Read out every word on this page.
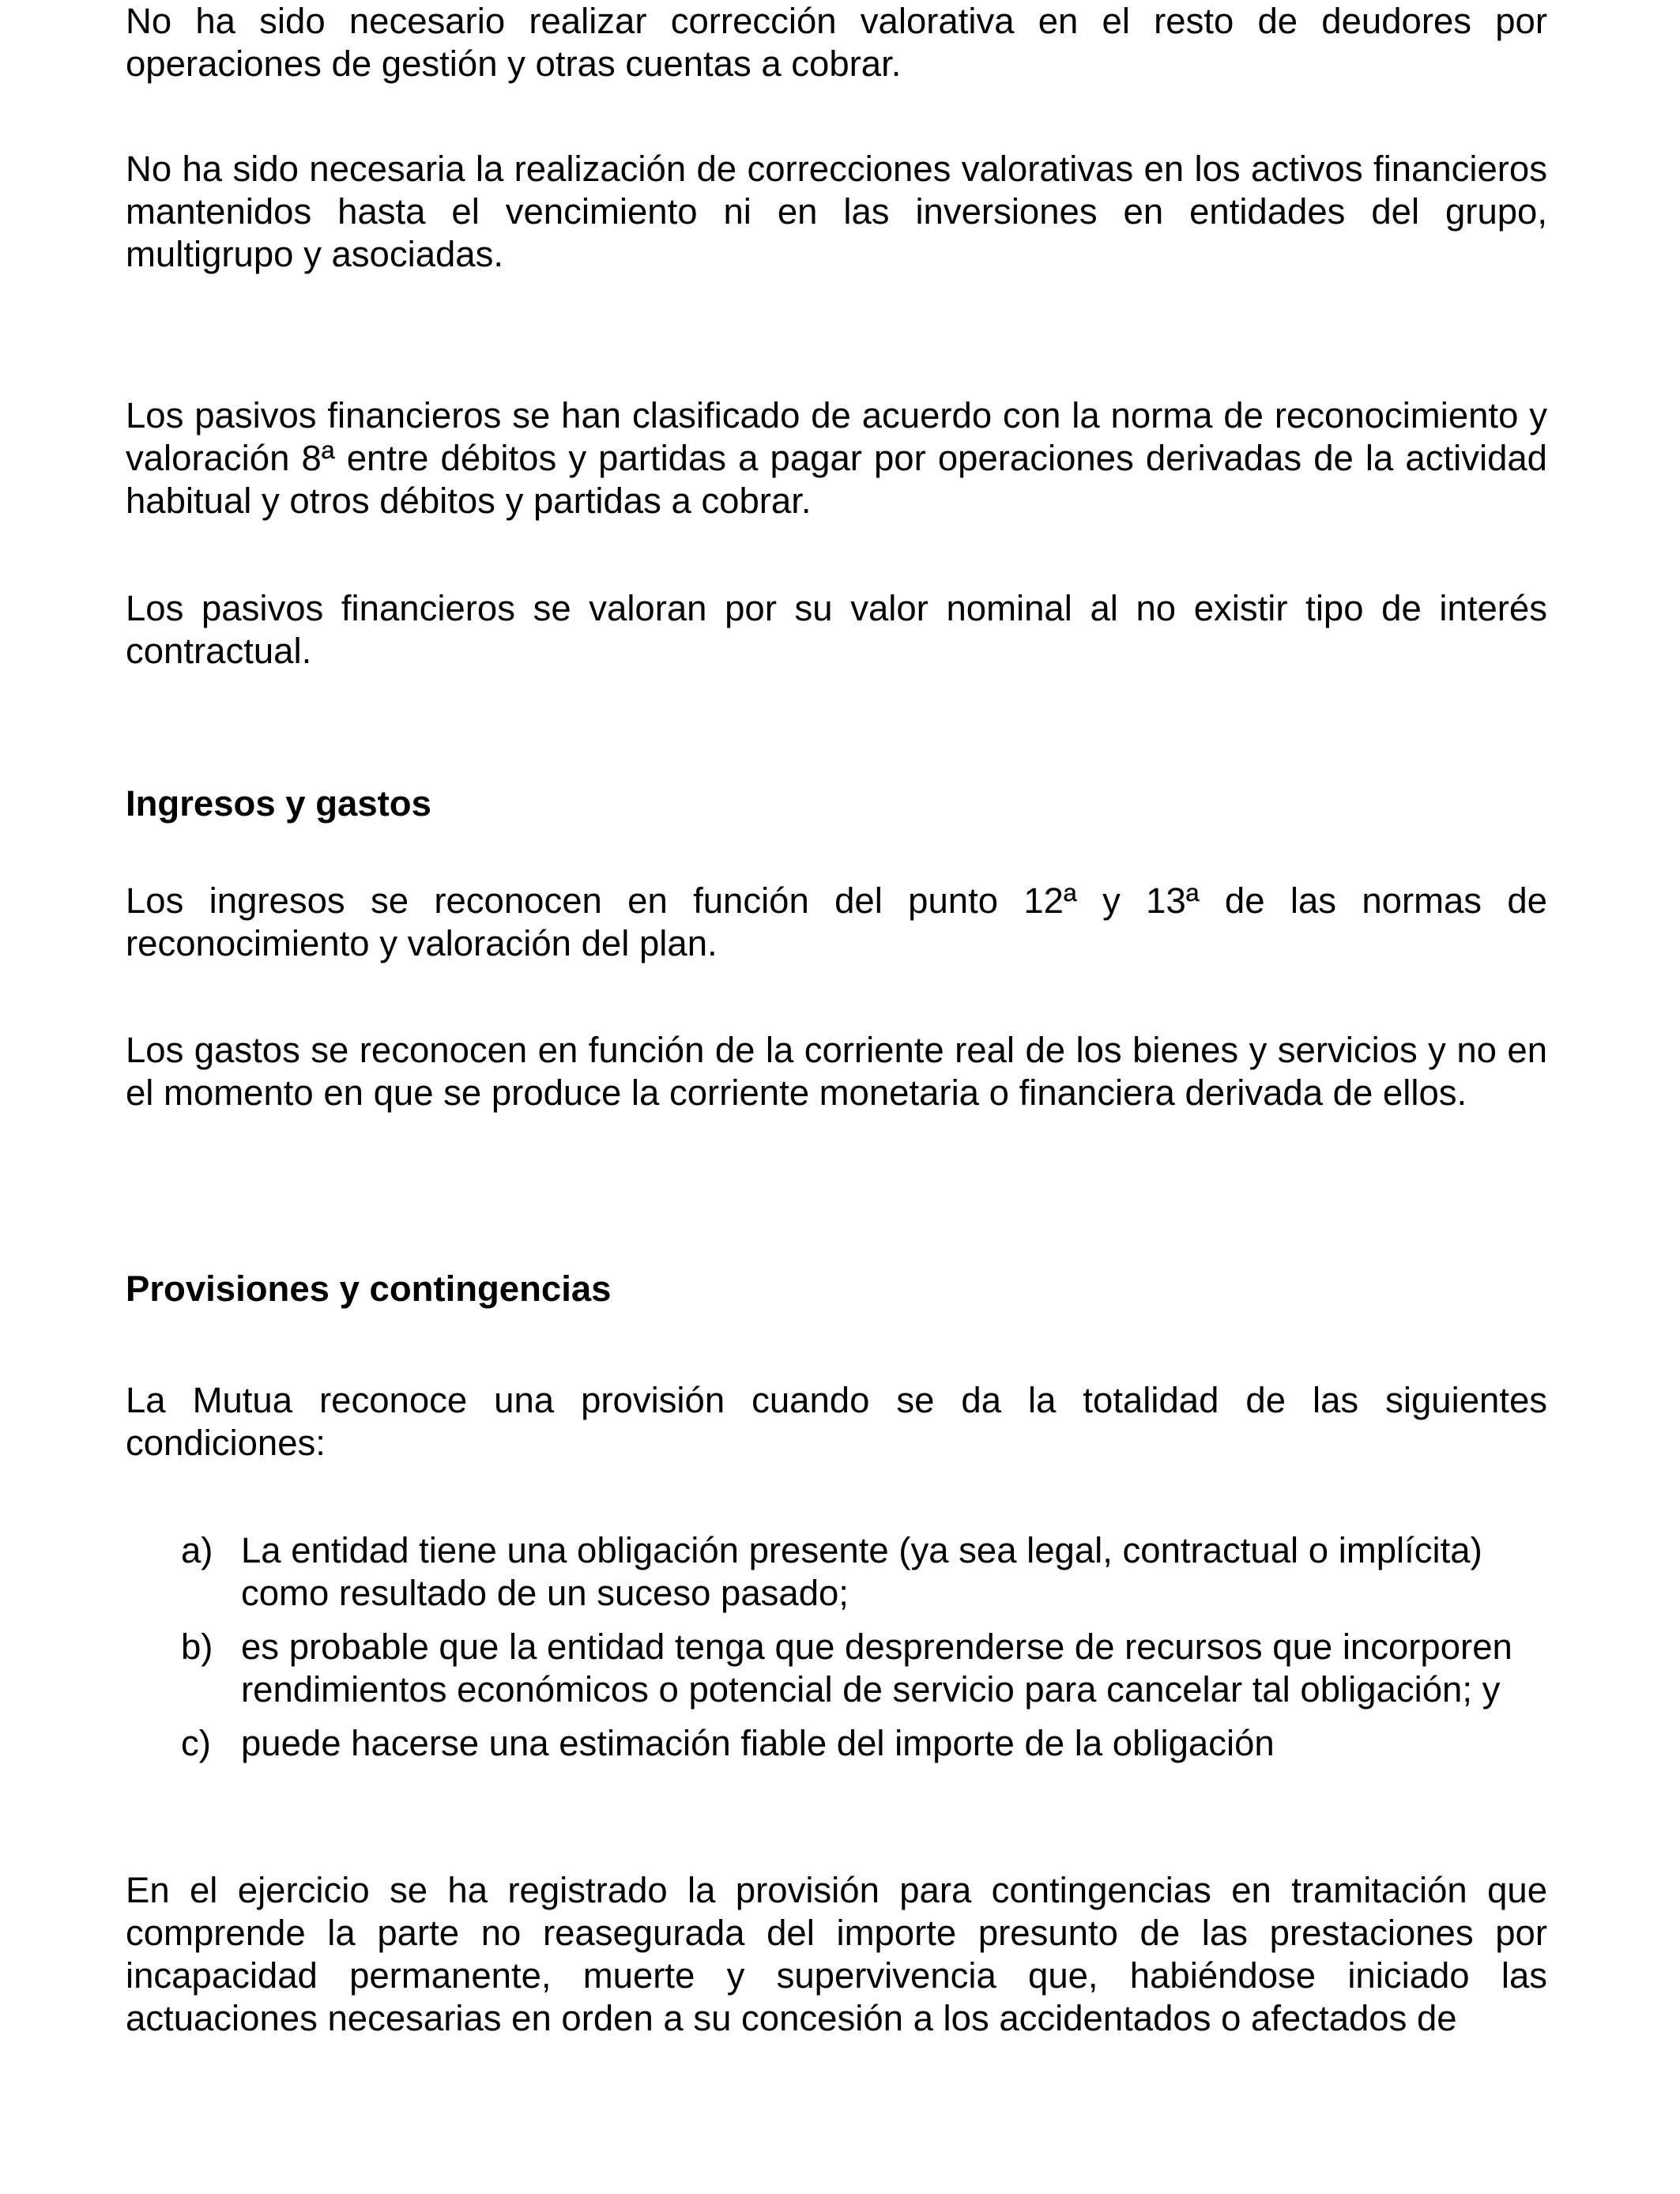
No ha sido necesario realizar corrección valorativa en el resto de deudores por operaciones de gestión y otras cuentas a cobrar.

No ha sido necesaria la realización de correcciones valorativas en los activos financieros mantenidos hasta el vencimiento ni en las inversiones en entidades del grupo, multigrupo y asociadas.

Los pasivos financieros se han clasificado de acuerdo con la norma de reconocimiento y valoración 8ª entre débitos y partidas a pagar por operaciones derivadas de la actividad habitual y otros débitos y partidas a cobrar.

Los pasivos financieros se valoran por su valor nominal al no existir tipo de interés contractual.

Ingresos y gastos

Los ingresos se reconocen en función del punto 12ª y 13ª de las normas de reconocimiento y valoración del plan.

Los gastos se reconocen en función de la corriente real de los bienes y servicios y no en el momento en que se produce la corriente monetaria o financiera derivada de ellos.

Provisiones y contingencias

La Mutua reconoce una provisión cuando se da la totalidad de las siguientes condiciones:

a) La entidad tiene una obligación presente (ya sea legal, contractual o implícita) como resultado de un suceso pasado;
b) es probable que la entidad tenga que desprenderse de recursos que incorporen rendimientos económicos o potencial de servicio para cancelar tal obligación; y
c) puede hacerse una estimación fiable del importe de la obligación

En el ejercicio se ha registrado la provisión para contingencias en tramitación que comprende la parte no reasegurada del importe presunto de las prestaciones por incapacidad permanente, muerte y supervivencia que, habiéndose iniciado las actuaciones necesarias en orden a su concesión a los accidentados o afectados de
